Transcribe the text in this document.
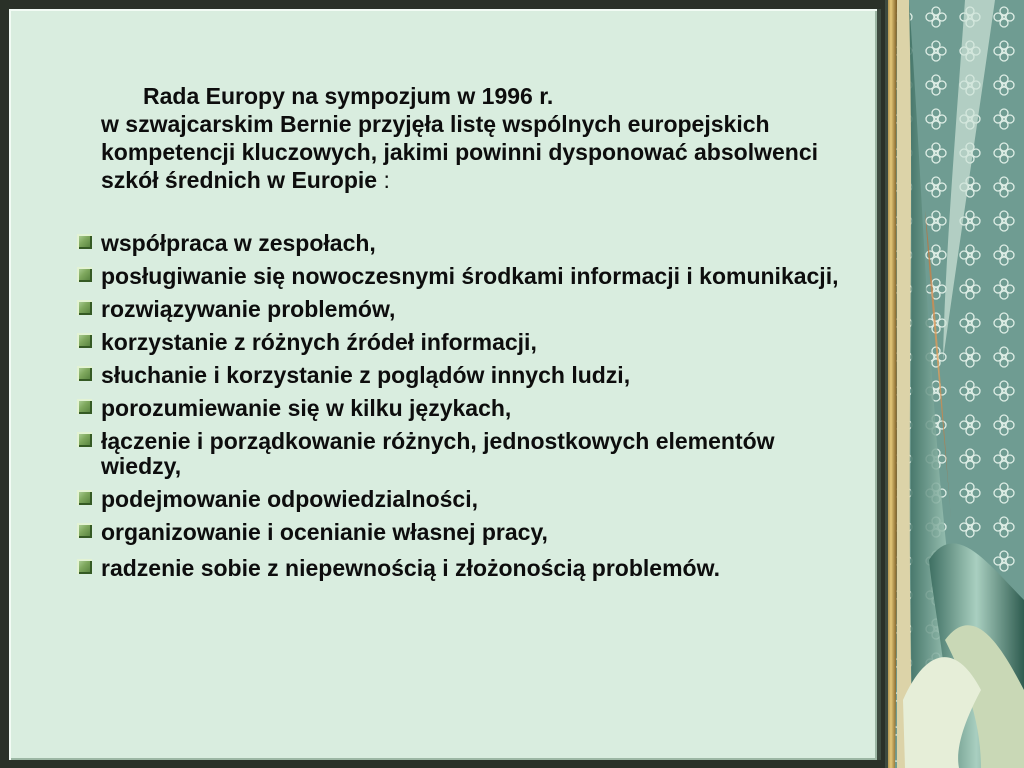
Rada Europy na sympozjum w 1996 r.
w szwajcarskim Bernie przyjęła listę wspólnych europejskich kompetencji kluczowych, jakimi powinni dysponować absolwenci szkół średnich w Europie :

współpraca w zespołach,
posługiwanie się nowoczesnymi środkami informacji i komunikacji,
rozwiązywanie problemów,
korzystanie z różnych źródeł informacji,
słuchanie i korzystanie z poglądów innych ludzi,
porozumiewanie się w kilku językach,
łączenie i porządkowanie różnych, jednostkowych elementów wiedzy,
podejmowanie odpowiedzialności,
organizowanie i ocenianie własnej pracy,
radzenie sobie z niepewnością i złożonością problemów.
